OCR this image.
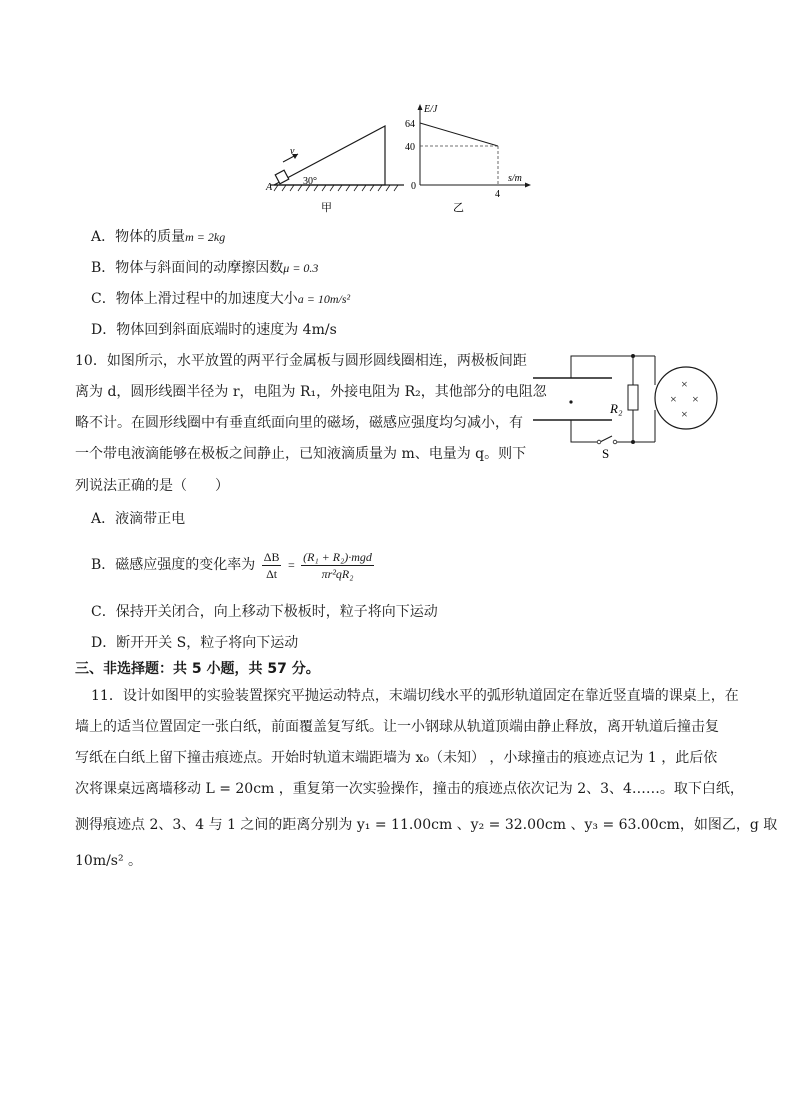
v
A
30°
甲
E/J
s/m
64
40
0
4
乙
A．物体的质量m = 2kg
B．物体与斜面间的动摩擦因数μ = 0.3
C．物体上滑过程中的加速度大小a = 10m/s²
D．物体回到斜面底端时的速度为 4m/s
10．如图所示，水平放置的两平行金属板与圆形圆线圈相连，两极板间距
离为 d，圆形线圈半径为 r，电阻为 R₁，外接电阻为 R₂，其他部分的电阻忽
略不计。在圆形线圈中有垂直纸面向里的磁场，磁感应强度均匀减小，有
一个带电液滴能够在极板之间静止，已知液滴质量为 m、电量为 q。则下
列说法正确的是（　　）
×
× ×
×
R₂
S
A．液滴带正电
B．磁感应强度的变化率为 $\frac{\Delta B}{\Delta t} = \frac{\text{(R₁ + R₂)·mgd}}{\text{πr²qR₂}}$
C．保持开关闭合，向上移动下极板时，粒子将向下运动
D．断开开关 S，粒子将向下运动
三、非选择题：共 5 小题，共 57 分。
11．设计如图甲的实验装置探究平抛运动特点，末端切线水平的弧形轨道固定在靠近竖直墙的课桌上，在
墙上的适当位置固定一张白纸，前面覆盖复写纸。让一小钢球从轨道顶端由静止释放，离开轨道后撞击复
写纸在白纸上留下撞击痕迹点。开始时轨道末端距墙为 x₀（未知） ，小球撞击的痕迹点记为 1 ，此后依
次将课桌远离墙移动 L = 20cm ，重复第一次实验操作，撞击的痕迹点依次记为 2、3、4……。取下白纸，
测得痕迹点 2、3、4 与 1 之间的距离分别为 y₁ = 11.00cm 、y₂ = 32.00cm 、y₃ = 63.00cm，如图乙，g 取
10m/s² 。
